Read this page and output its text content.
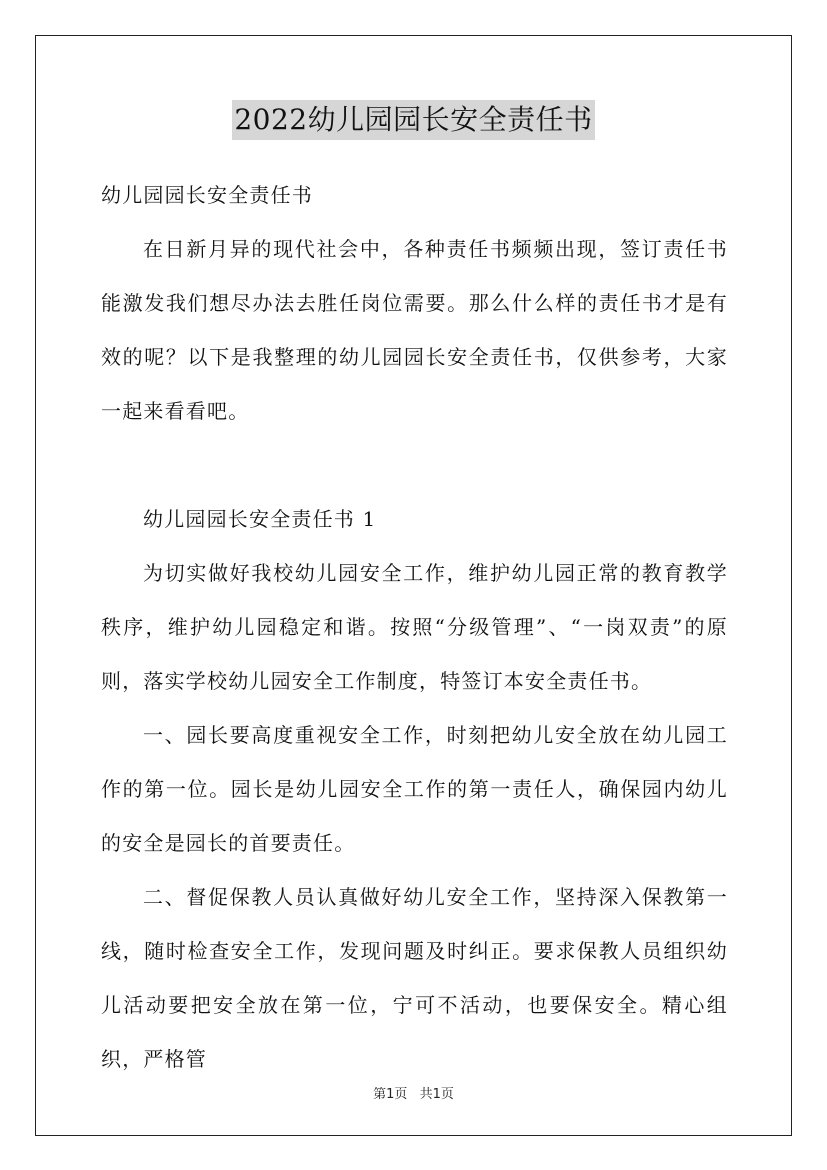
2022幼儿园园长安全责任书
幼儿园园长安全责任书

在日新月异的现代社会中，各种责任书频频出现，签订责任书能激发我们想尽办法去胜任岗位需要。那么什么样的责任书才是有效的呢？以下是我整理的幼儿园园长安全责任书，仅供参考，大家一起来看看吧。

幼儿园园长安全责任书 1

为切实做好我校幼儿园安全工作，维护幼儿园正常的教育教学秩序，维护幼儿园稳定和谐。按照“分级管理”、“一岗双责”的原则，落实学校幼儿园安全工作制度，特签订本安全责任书。

一、园长要高度重视安全工作，时刻把幼儿安全放在幼儿园工作的第一位。园长是幼儿园安全工作的第一责任人，确保园内幼儿的安全是园长的首要责任。

二、督促保教人员认真做好幼儿安全工作，坚持深入保教第一线，随时检查安全工作，发现问题及时纠正。要求保教人员组织幼儿活动要把安全放在第一位，宁可不活动，也要保安全。精心组织，严格管

第1页 共1页
